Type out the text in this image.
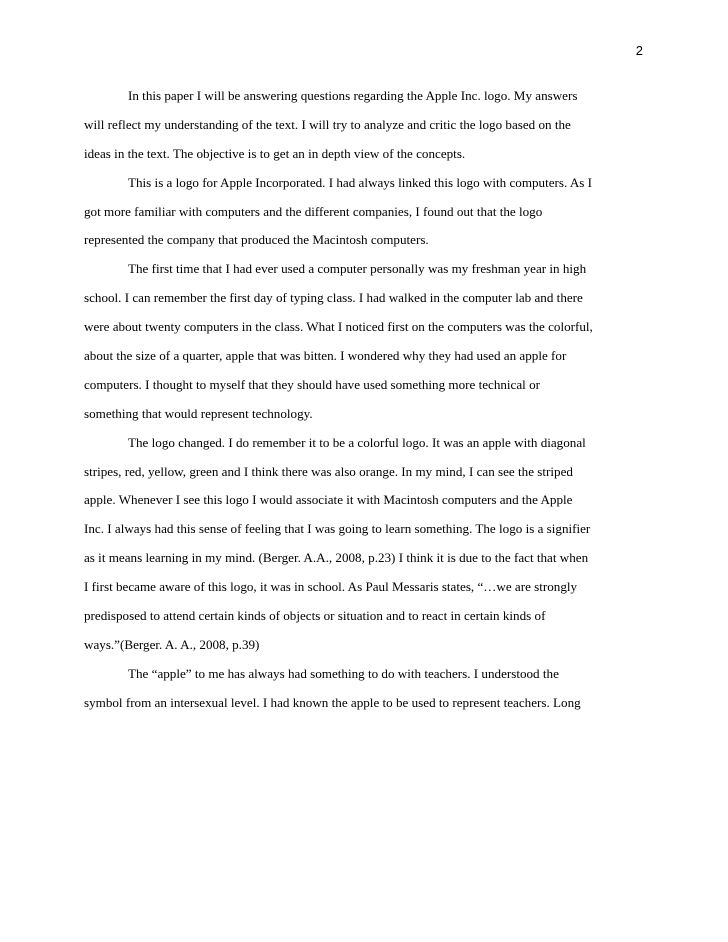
2
In this paper I will be answering questions regarding the Apple Inc. logo. My answers
will reflect my understanding of the text. I will try to analyze and critic the logo based on the
ideas in the text. The objective is to get an in depth view of the concepts.
This is a logo for Apple Incorporated. I had always linked this logo with computers. As I
got more familiar with computers and the different companies, I found out that the logo
represented the company that produced the Macintosh computers.
The first time that I had ever used a computer personally was my freshman year in high
school. I can remember the first day of typing class. I had walked in the computer lab and there
were about twenty computers in the class. What I noticed first on the computers was the colorful,
about the size of a quarter, apple that was bitten. I wondered why they had used an apple for
computers. I thought to myself that they should have used something more technical or
something that would represent technology.
The logo changed. I do remember it to be a colorful logo. It was an apple with diagonal
stripes, red, yellow, green and I think there was also orange. In my mind, I can see the striped
apple. Whenever I see this logo I would associate it with Macintosh computers and the Apple
Inc. I always had this sense of feeling that I was going to learn something. The logo is a signifier
as it means learning in my mind. (Berger. A.A., 2008, p.23) I think it is due to the fact that when
I first became aware of this logo, it was in school. As Paul Messaris states, “…we are strongly
predisposed to attend certain kinds of objects or situation and to react in certain kinds of
ways.”(Berger. A. A., 2008, p.39)
The “apple” to me has always had something to do with teachers. I understood the
symbol from an intersexual level. I had known the apple to be used to represent teachers. Long
